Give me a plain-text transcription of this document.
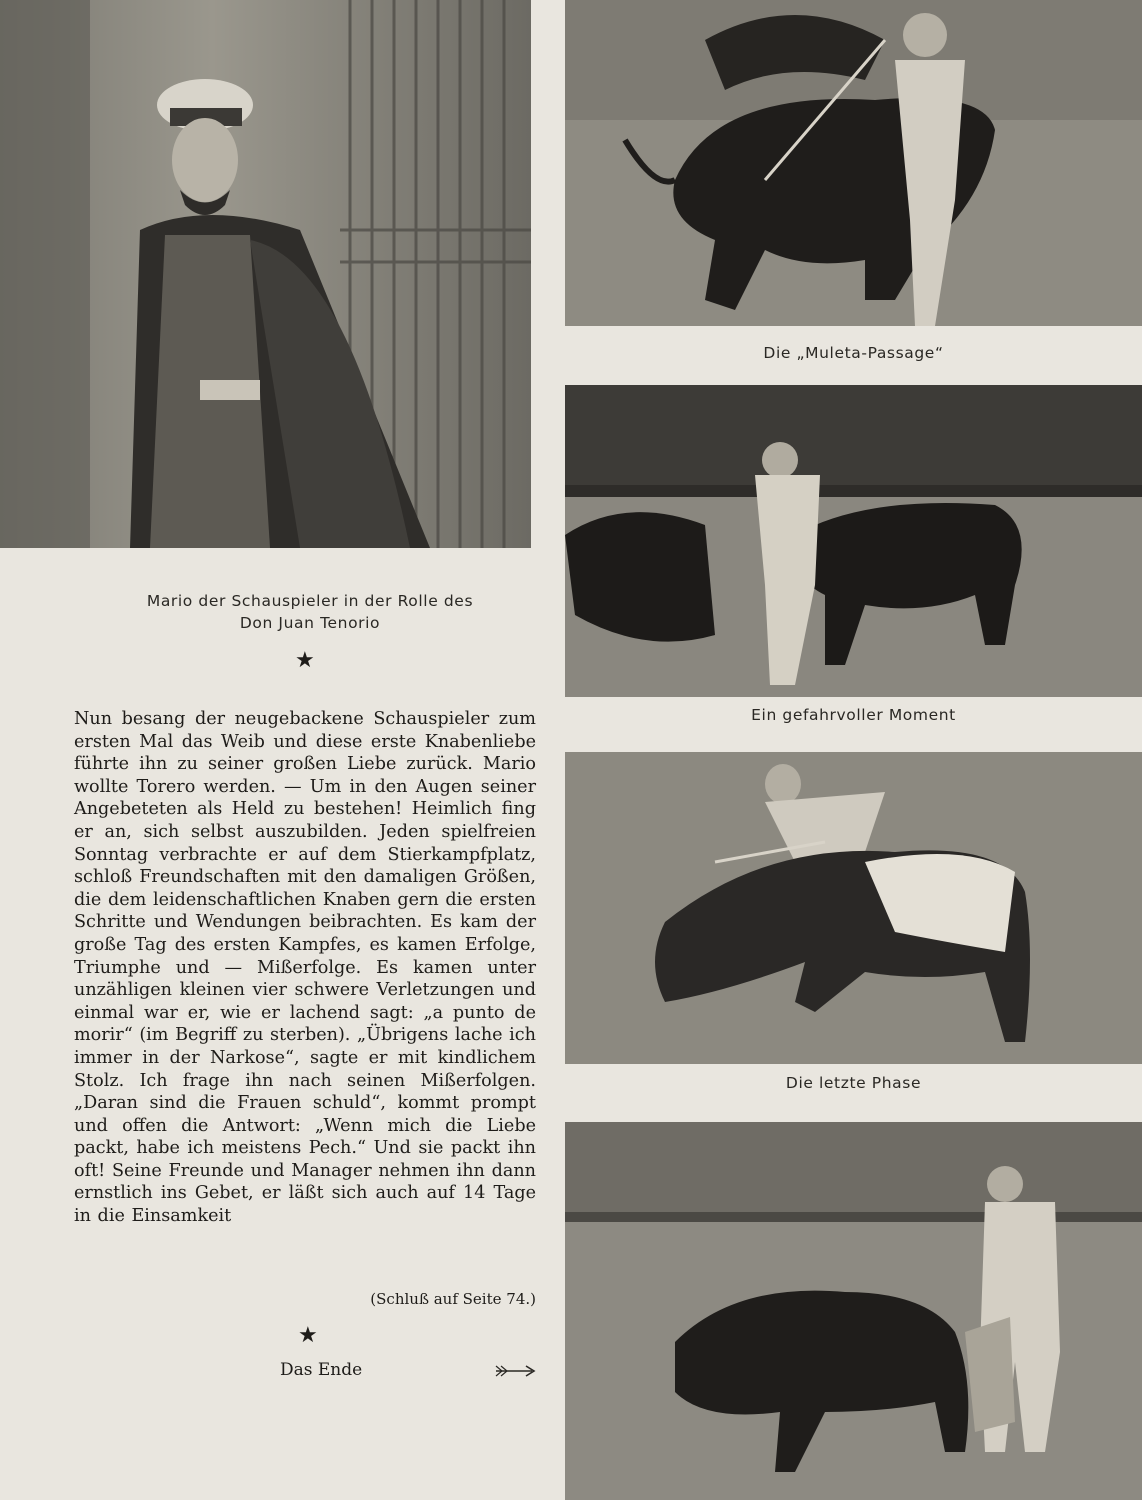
Mario der Schauspieler in der Rolle des
Don Juan Tenorio
★

Nun besang der neugebackene Schauspieler zum ersten Mal das Weib und diese erste Knabenliebe führte ihn zu seiner großen Liebe zurück. Mario wollte Torero werden. — Um in den Augen seiner Angebeteten als Held zu bestehen! Heimlich fing er an, sich selbst auszubilden. Jeden spielfreien Sonntag verbrachte er auf dem Stierkampfplatz, schloß Freundschaften mit den damaligen Größen, die dem leidenschaftlichen Knaben gern die ersten Schritte und Wendungen beibrachten. Es kam der große Tag des ersten Kampfes, es kamen Erfolge, Triumphe und — Mißerfolge. Es kamen unter unzähligen kleinen vier schwere Verletzungen und einmal war er, wie er lachend sagt: „a punto de morir“ (im Begriff zu sterben). „Übrigens lache ich immer in der Narkose“, sagte er mit kindlichem Stolz. Ich frage ihn nach seinen Mißerfolgen. „Daran sind die Frauen schuld“, kommt prompt und offen die Antwort: „Wenn mich die Liebe packt, habe ich meistens Pech.“ Und sie packt ihn oft! Seine Freunde und Manager nehmen ihn dann ernstlich ins Gebet, er läßt sich auch auf 14 Tage in die Einsamkeit

(Schluß auf Seite 74.)
★
Das Ende
Die „Muleta-Passage“
Ein gefahrvoller Moment
Die letzte Phase
